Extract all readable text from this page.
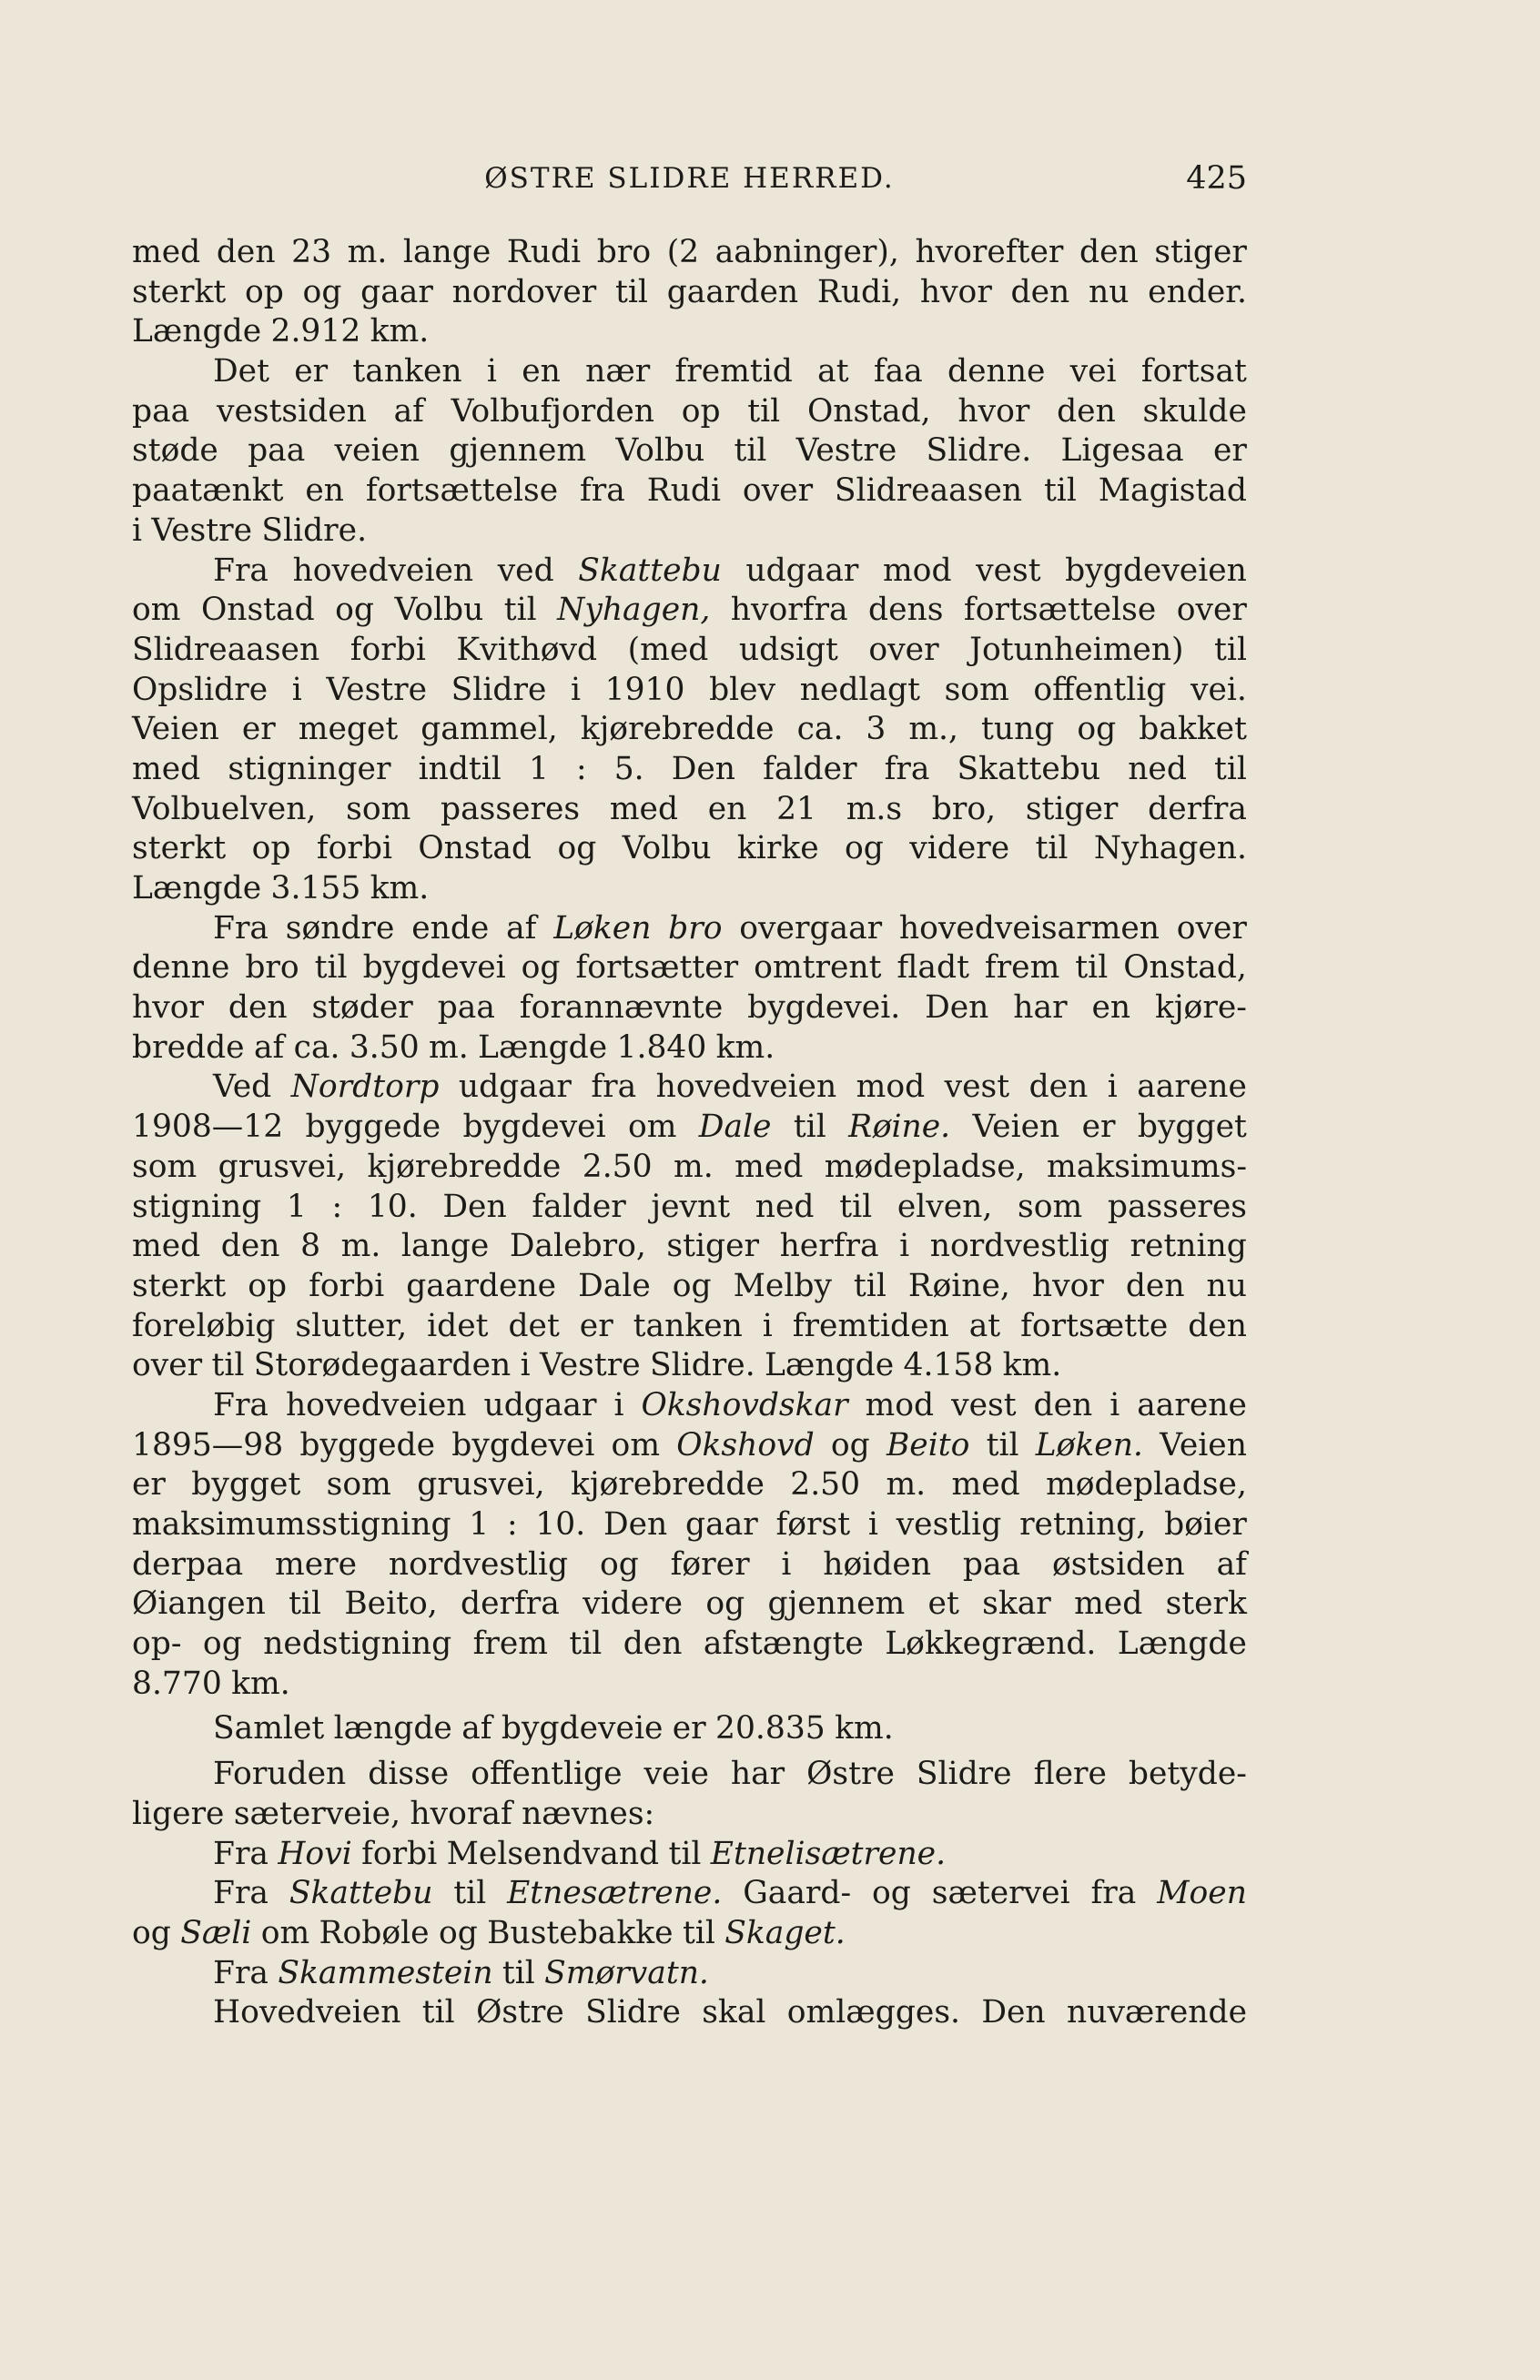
ØSTRE SLIDRE HERRED.	425
med den 23 m. lange Rudi bro (2 aabninger), hvorefter den stiger
sterkt op og gaar nordover til gaarden Rudi, hvor den nu ender.
Længde 2.912 km.
Det er tanken i en nær fremtid at faa denne vei fortsat
paa vestsiden af Volbufjorden op til Onstad, hvor den skulde
støde paa veien gjennem Volbu til Vestre Slidre. Ligesaa er
paatænkt en fortsættelse fra Rudi over Slidreaasen til Magistad
i Vestre Slidre.
Fra hovedveien ved Skattebu udgaar mod vest bygdeveien
om Onstad og Volbu til Nyhagen, hvorfra dens fortsættelse over
Slidreaasen forbi Kvithøvd (med udsigt over Jotunheimen) til
Opslidre i Vestre Slidre i 1910 blev nedlagt som offentlig vei.
Veien er meget gammel, kjørebredde ca. 3 m., tung og bakket
med stigninger indtil 1 : 5. Den falder fra Skattebu ned til
Volbuelven, som passeres med en 21 m.s bro, stiger derfra
sterkt op forbi Onstad og Volbu kirke og videre til Nyhagen.
Længde 3.155 km.
Fra søndre ende af Løken bro overgaar hovedveisarmen over
denne bro til bygdevei og fortsætter omtrent fladt frem til Onstad,
hvor den støder paa forannævnte bygdevei. Den har en kjøre-
bredde af ca. 3.50 m. Længde 1.840 km.
Ved Nordtorp udgaar fra hovedveien mod vest den i aarene
1908—12 byggede bygdevei om Dale til Røine. Veien er bygget
som grusvei, kjørebredde 2.50 m. med mødepladse, maksimums-
stigning 1 : 10. Den falder jevnt ned til elven, som passeres
med den 8 m. lange Dalebro, stiger herfra i nordvestlig retning
sterkt op forbi gaardene Dale og Melby til Røine, hvor den nu
foreløbig slutter, idet det er tanken i fremtiden at fortsætte den
over til Storødegaarden i Vestre Slidre. Længde 4.158 km.
Fra hovedveien udgaar i Okshovdskar mod vest den i aarene
1895—98 byggede bygdevei om Okshovd og Beito til Løken. Veien
er bygget som grusvei, kjørebredde 2.50 m. med mødepladse,
maksimumsstigning 1 : 10. Den gaar først i vestlig retning, bøier
derpaa mere nordvestlig og fører i høiden paa østsiden af
Øiangen til Beito, derfra videre og gjennem et skar med sterk
op- og nedstigning frem til den afstængte Løkkegrænd. Længde
8.770 km.
Samlet længde af bygdeveie er 20.835 km.
Foruden disse offentlige veie har Østre Slidre flere betyde-
ligere sæterveie, hvoraf nævnes:
Fra Hovi forbi Melsendvand til Etnelisætrene.
Fra Skattebu til Etnesætrene. Gaard- og sætervei fra Moen
og Sæli om Robøle og Bustebakke til Skaget.
Fra Skammestein til Smørvatn.
Hovedveien til Østre Slidre skal omlægges. Den nuværende
